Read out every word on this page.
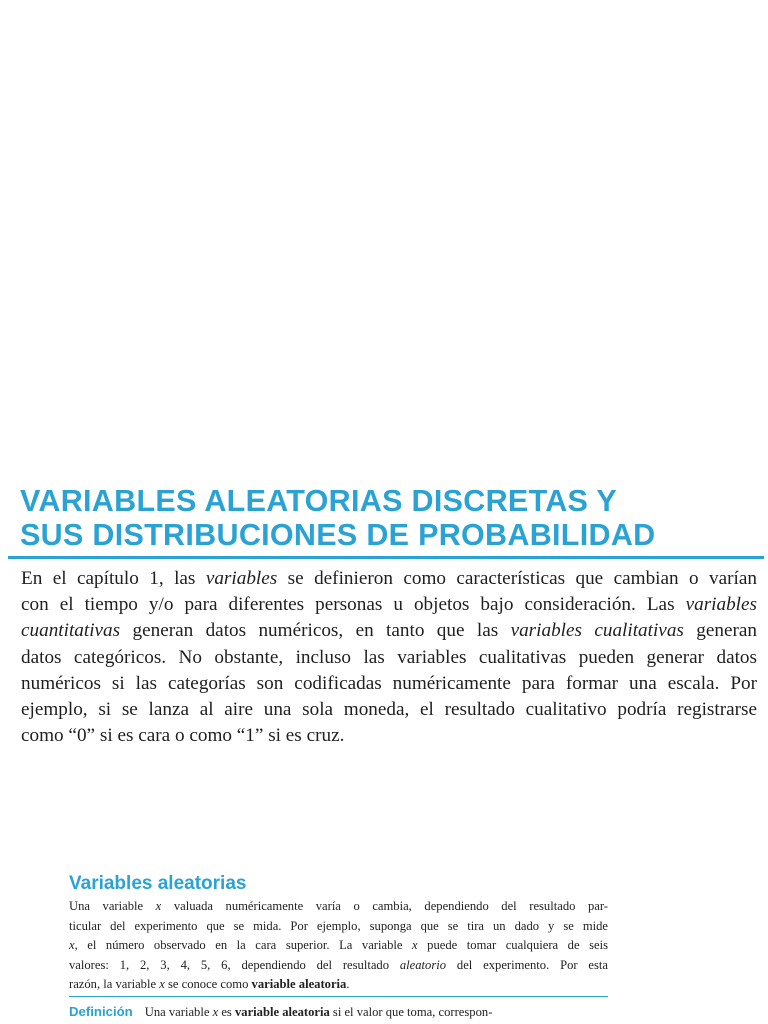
VARIABLES ALEATORIAS DISCRETAS Y
SUS DISTRIBUCIONES DE PROBABILIDAD

En el capítulo 1, las variables se definieron como características que cambian o varían
con el tiempo y/o para diferentes personas u objetos bajo consideración. Las variables
cuantitativas generan datos numéricos, en tanto que las variables cualitativas generan
datos categóricos. No obstante, incluso las variables cualitativas pueden generar datos
numéricos si las categorías son codificadas numéricamente para formar una escala. Por
ejemplo, si se lanza al aire una sola moneda, el resultado cualitativo podría registrarse
como “0” si es cara o como “1” si es cruz.

Variables aleatorias

Una variable x valuada numéricamente varía o cambia, dependiendo del resultado par-
ticular del experimento que se mida. Por ejemplo, suponga que se tira un dado y se mide
x, el número observado en la cara superior. La variable x puede tomar cualquiera de seis
valores: 1, 2, 3, 4, 5, 6, dependiendo del resultado aleatorio del experimento. Por esta
razón, la variable x se conoce como variable aleatoria.

Definición Una variable x es variable aleatoria si el valor que toma, correspon-
